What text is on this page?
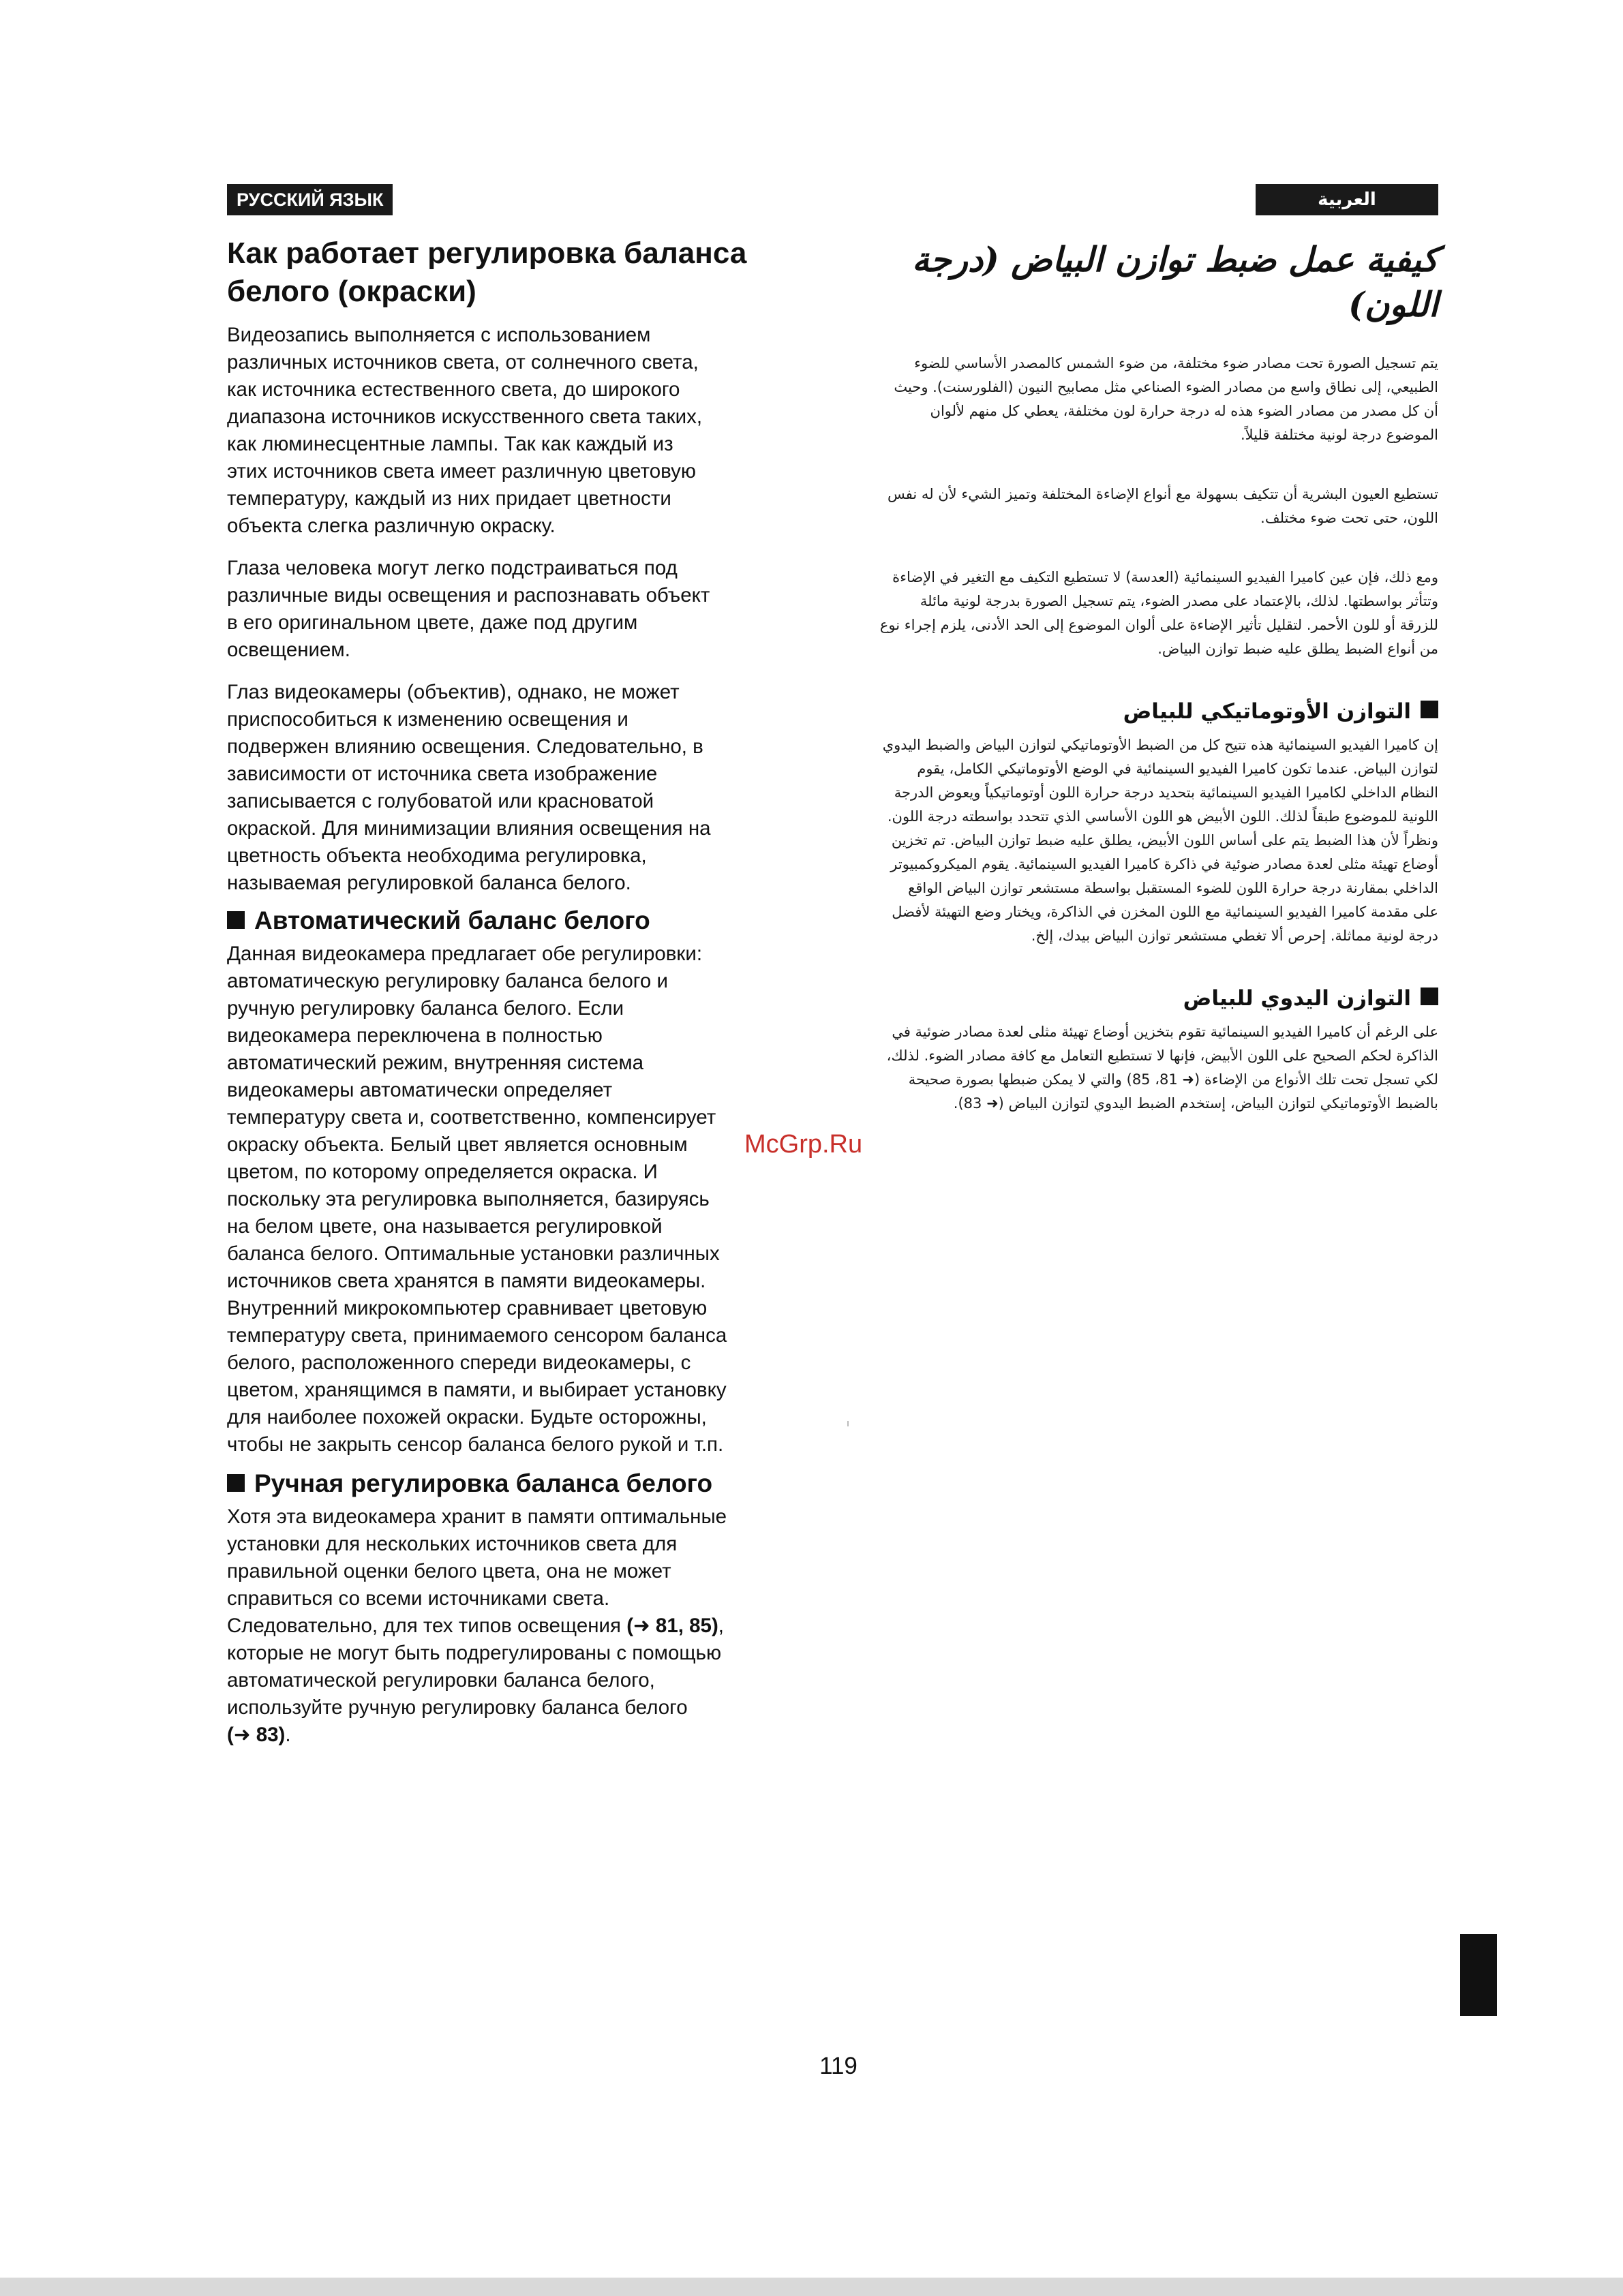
РУССКИЙ ЯЗЫК
Как работает регулировка баланса белого (окраски)

Видеозапись выполняется с использованием
различных источников света, от солнечного света,
как источника естественного света, до широкого
диапазона источников искусственного света таких,
как люминесцентные лампы. Так как каждый из
этих источников света имеет различную цветовую
температуру, каждый из них придает цветности
объекта слегка различную окраску.

Глаза человека могут легко подстраиваться под
различные виды освещения и распознавать объект
в его оригинальном цвете, даже под другим
освещением.

Глаз видеокамеры (объектив), однако, не может
приспособиться к изменению освещения и
подвержен влиянию освещения. Следовательно, в
зависимости от источника света изображение
записывается с голубоватой или красноватой
окраской. Для минимизации влияния освещения на
цветность объекта необходима регулировка,
называемая регулировкой баланса белого.

Автоматический баланс белого

Данная видеокамера предлагает обе регулировки:
автоматическую регулировку баланса белого и
ручную регулировку баланса белого. Если
видеокамера переключена в полностью
автоматический режим, внутренняя система
видеокамеры автоматически определяет
температуру света и, соответственно, компенсирует
окраску объекта. Белый цвет является основным
цветом, по которому определяется окраска. И
поскольку эта регулировка выполняется, базируясь
на белом цвете, она называется регулировкой
баланса белого. Оптимальные установки различных
источников света хранятся в памяти видеокамеры.
Внутренний микрокомпьютер сравнивает цветовую
температуру света, принимаемого сенсором баланса
белого, расположенного спереди видеокамеры, с
цветом, хранящимся в памяти, и выбирает установку
для наиболее похожей окраски. Будьте осторожны,
чтобы не закрыть сенсор баланса белого рукой и т.п.

Ручная регулировка баланса белого

Хотя эта видеокамера хранит в памяти оптимальные
установки для нескольких источников света для
правильной оценки белого цвета, она не может
справиться со всеми источниками света.
Следовательно, для тех типов освещения (➜ 81, 85),
которые не могут быть подрегулированы с помощью
автоматической регулировки баланса белого,
используйте ручную регулировку баланса белого
(➜ 83).

العربية
كيفية عمل ضبط توازن البياض (درجة اللون)

يتم تسجيل الصورة تحت مصادر ضوء مختلفة، من ضوء الشمس كالمصدر الأساسي للضوء الطبيعي، إلى نطاق واسع من مصادر الضوء الصناعي مثل مصابيح النيون (الفلورسنت). وحيث أن كل مصدر من مصادر الضوء هذه له درجة حرارة لون مختلفة، يعطي كل منهم لألوان الموضوع درجة لونية مختلفة قليلاً.

تستطيع العيون البشرية أن تتكيف بسهولة مع أنواع الإضاءة المختلفة وتميز الشيء لأن له نفس اللون، حتى تحت ضوء مختلف.

ومع ذلك، فإن عين كاميرا الفيديو السينمائية (العدسة) لا تستطيع التكيف مع التغير في الإضاءة وتتأثر بواسطتها. لذلك، بالإعتماد على مصدر الضوء، يتم تسجيل الصورة بدرجة لونية مائلة للزرقة أو للون الأحمر. لتقليل تأثير الإضاءة على ألوان الموضوع إلى الحد الأدنى، يلزم إجراء نوع من أنواع الضبط يطلق عليه ضبط توازن البياض.

التوازن الأوتوماتيكي للبياض

إن كاميرا الفيديو السينمائية هذه تتيح كل من الضبط الأوتوماتيكي لتوازن البياض والضبط اليدوي لتوازن البياض. عندما تكون كاميرا الفيديو السينمائية في الوضع الأوتوماتيكي الكامل، يقوم النظام الداخلي لكاميرا الفيديو السينمائية بتحديد درجة حرارة اللون أوتوماتيكياً ويعوض الدرجة اللونية للموضوع طبقاً لذلك. اللون الأبيض هو اللون الأساسي الذي تتحدد بواسطته درجة اللون. ونظراً لأن هذا الضبط يتم على أساس اللون الأبيض، يطلق عليه ضبط توازن البياض. تم تخزين أوضاع تهيئة مثلى لعدة مصادر ضوئية في ذاكرة كاميرا الفيديو السينمائية. يقوم الميكروكمبيوتر الداخلي بمقارنة درجة حرارة اللون للضوء المستقبل بواسطة مستشعر توازن البياض الواقع على مقدمة كاميرا الفيديو السينمائية مع اللون المخزن في الذاكرة، ويختار وضع التهيئة لأفضل درجة لونية مماثلة. إحرص ألا تغطي مستشعر توازن البياض بيدك، إلخ.

التوازن اليدوي للبياض

على الرغم أن كاميرا الفيديو السينمائية تقوم بتخزين أوضاع تهيئة مثلى لعدة مصادر ضوئية في الذاكرة لحكم الصحيح على اللون الأبيض، فإنها لا تستطيع التعامل مع كافة مصادر الضوء. لذلك، لكي تسجل تحت تلك الأنواع من الإضاءة (➜ 81، 85) والتي لا يمكن ضبطها بصورة صحيحة بالضبط الأوتوماتيكي لتوازن البياض، إستخدم الضبط اليدوي لتوازن البياض (➜ 83).

McGrp.Ru
119
